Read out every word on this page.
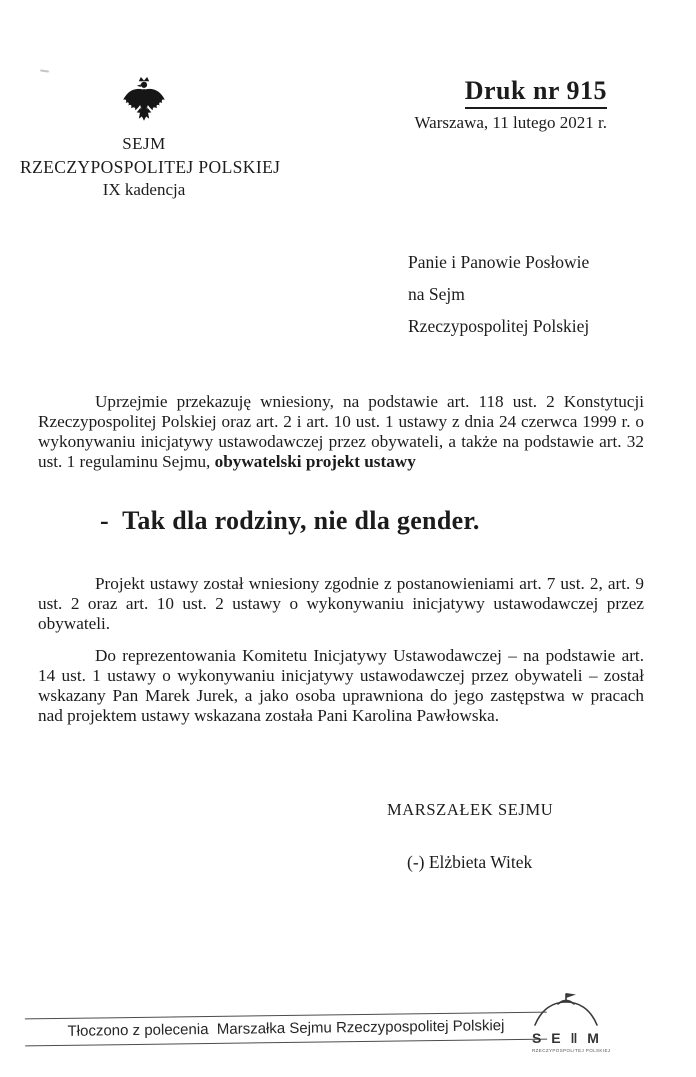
SEJM
RZECZYPOSPOLITEJ POLSKIEJ
IX kadencja
Druk nr 915
Warszawa, 11 lutego 2021 r.
Panie i Panowie Posłowie
na Sejm
Rzeczypospolitej Polskiej

Uprzejmie przekazuję wniesiony, na podstawie art. 118 ust. 2 Konstytucji Rzeczypospolitej Polskiej oraz art. 2 i art. 10 ust. 1 ustawy z dnia 24 czerwca 1999 r. o wykonywaniu inicjatywy ustawodawczej przez obywateli, a także na podstawie art. 32 ust. 1 regulaminu Sejmu, obywatelski projekt ustawy

-  Tak dla rodziny, nie dla gender.

Projekt ustawy został wniesiony zgodnie z postanowieniami art. 7 ust. 2, art. 9 ust. 2 oraz art. 10 ust. 2 ustawy o wykonywaniu inicjatywy ustawodawczej przez obywateli.

Do reprezentowania Komitetu Inicjatywy Ustawodawczej – na podstawie art. 14 ust. 1 ustawy o wykonywaniu inicjatywy ustawodawczej przez obywateli – został wskazany Pan Marek Jurek, a jako osoba uprawniona do jego zastępstwa w pracach nad projektem ustawy wskazana została Pani Karolina Pawłowska.

MARSZAŁEK SEJMU
(-) Elżbieta Witek
Tłoczono z polecenia  Marszałka Sejmu Rzeczypospolitej Polskiej	S E ‖ M
RZECZYPOSPOLITEJ POLSKIEJ
